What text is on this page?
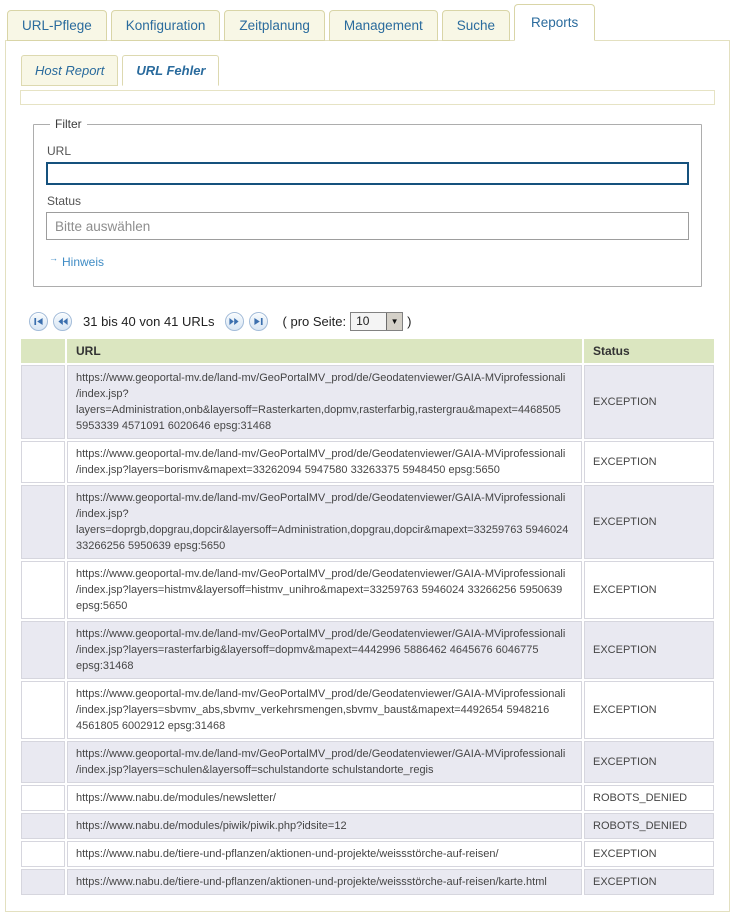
URL-Pflege	Konfiguration	Zeitplanung	Management	Suche	Reports
Host Report URL Fehler
Filter
URL
Status
Bitte auswählen
→ Hinweis
31 bis 40 von 41 URLs	( pro Seite: 10	▼ )
	URL	Status
	https://www.geoportal-mv.de/land-mv/GeoPortalMV_prod/de/Geodatenviewer/GAIA-MViprofessionali /index.jsp?layers=Administration,onb&layersoff=Rasterkarten,dopmv,rasterfarbig,rastergrau&mapext=4468505 5953339 4571091 6020646 epsg:31468	EXCEPTION
	https://www.geoportal-mv.de/land-mv/GeoPortalMV_prod/de/Geodatenviewer/GAIA-MViprofessionali /index.jsp?layers=borismv&mapext=33262094 5947580 33263375 5948450 epsg:5650	EXCEPTION
	https://www.geoportal-mv.de/land-mv/GeoPortalMV_prod/de/Geodatenviewer/GAIA-MViprofessionali /index.jsp?layers=doprgb,dopgrau,dopcir&layersoff=Administration,dopgrau,dopcir&mapext=33259763 5946024 33266256 5950639 epsg:5650	EXCEPTION
	https://www.geoportal-mv.de/land-mv/GeoPortalMV_prod/de/Geodatenviewer/GAIA-MViprofessionali /index.jsp?layers=histmv&layersoff=histmv_unihro&mapext=33259763 5946024 33266256 5950639 epsg:5650	EXCEPTION
	https://www.geoportal-mv.de/land-mv/GeoPortalMV_prod/de/Geodatenviewer/GAIA-MViprofessionali /index.jsp?layers=rasterfarbig&layersoff=dopmv&mapext=4442996 5886462 4645676 6046775 epsg:31468	EXCEPTION
	https://www.geoportal-mv.de/land-mv/GeoPortalMV_prod/de/Geodatenviewer/GAIA-MViprofessionali /index.jsp?layers=sbvmv_abs,sbvmv_verkehrsmengen,sbvmv_baust&mapext=4492654 5948216 4561805 6002912 epsg:31468	EXCEPTION
	https://www.geoportal-mv.de/land-mv/GeoPortalMV_prod/de/Geodatenviewer/GAIA-MViprofessionali /index.jsp?layers=schulen&layersoff=schulstandorte schulstandorte_regis	EXCEPTION
	https://www.nabu.de/modules/newsletter/	ROBOTS_DENIED
	https://www.nabu.de/modules/piwik/piwik.php?idsite=12	ROBOTS_DENIED
	https://www.nabu.de/tiere-und-pflanzen/aktionen-und-projekte/weissstörche-auf-reisen/	EXCEPTION
	https://www.nabu.de/tiere-und-pflanzen/aktionen-und-projekte/weissstörche-auf-reisen/karte.html	EXCEPTION
